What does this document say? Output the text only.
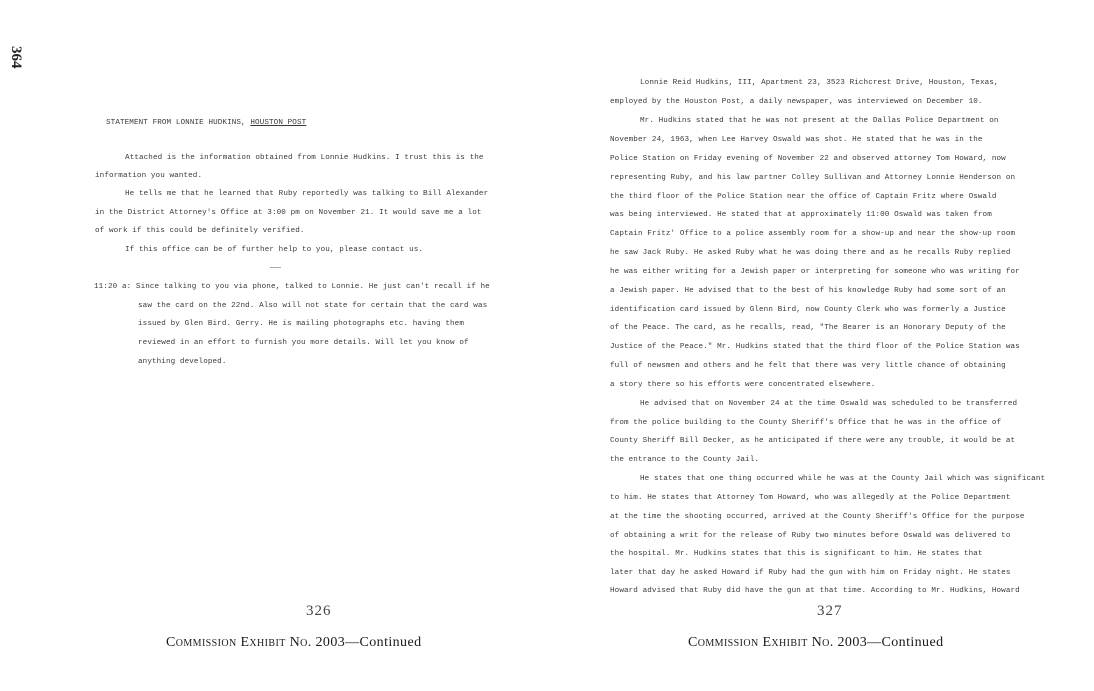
364
STATEMENT FROM LONNIE HUDKINS, HOUSTON POST
Attached is the information obtained from Lonnie Hudkins. I trust this is the
information you wanted.
He tells me that he learned that Ruby reportedly was talking to Bill Alexander
in the District Attorney's Office at 3:00 pm on November 21. It would save me a lot
of work if this could be definitely verified.
If this office can be of further help to you, please contact us.
———
11:20 a: Since talking to you via phone, talked to Lonnie. He just can't recall if he
saw the card on the 22nd. Also will not state for certain that the card was
issued by Glen Bird. Gerry. He is mailing photographs etc. having them
reviewed in an effort to furnish you more details. Will let you know of
anything developed.
326
Commission Exhibit No. 2003—Continued
Lonnie Reid Hudkins, III, Apartment 23, 3523 Richcrest Drive, Houston, Texas,
employed by the Houston Post, a daily newspaper, was interviewed on December 10.
Mr. Hudkins stated that he was not present at the Dallas Police Department on
November 24, 1963, when Lee Harvey Oswald was shot. He stated that he was in the
Police Station on Friday evening of November 22 and observed attorney Tom Howard, now
representing Ruby, and his law partner Colley Sullivan and Attorney Lonnie Henderson on
the third floor of the Police Station near the office of Captain Fritz where Oswald
was being interviewed. He stated that at approximately 11:00 Oswald was taken from
Captain Fritz' Office to a police assembly room for a show-up and near the show-up room
he saw Jack Ruby. He asked Ruby what he was doing there and as he recalls Ruby replied
he was either writing for a Jewish paper or interpreting for someone who was writing for
a Jewish paper. He advised that to the best of his knowledge Ruby had some sort of an
identification card issued by Glenn Bird, now County Clerk who was formerly a Justice
of the Peace. The card, as he recalls, read, "The Bearer is an Honorary Deputy of the
Justice of the Peace." Mr. Hudkins stated that the third floor of the Police Station was
full of newsmen and others and he felt that there was very little chance of obtaining
a story there so his efforts were concentrated elsewhere.
He advised that on November 24 at the time Oswald was scheduled to be transferred
from the police building to the County Sheriff's Office that he was in the office of
County Sheriff Bill Decker, as he anticipated if there were any trouble, it would be at
the entrance to the County Jail.
He states that one thing occurred while he was at the County Jail which was significant
to him. He states that Attorney Tom Howard, who was allegedly at the Police Department
at the time the shooting occurred, arrived at the County Sheriff's Office for the purpose
of obtaining a writ for the release of Ruby two minutes before Oswald was delivered to
the hospital. Mr. Hudkins states that this is significant to him. He states that
later that day he asked Howard if Ruby had the gun with him on Friday night. He states
Howard advised that Ruby did have the gun at that time. According to Mr. Hudkins, Howard
327
Commission Exhibit No. 2003—Continued
